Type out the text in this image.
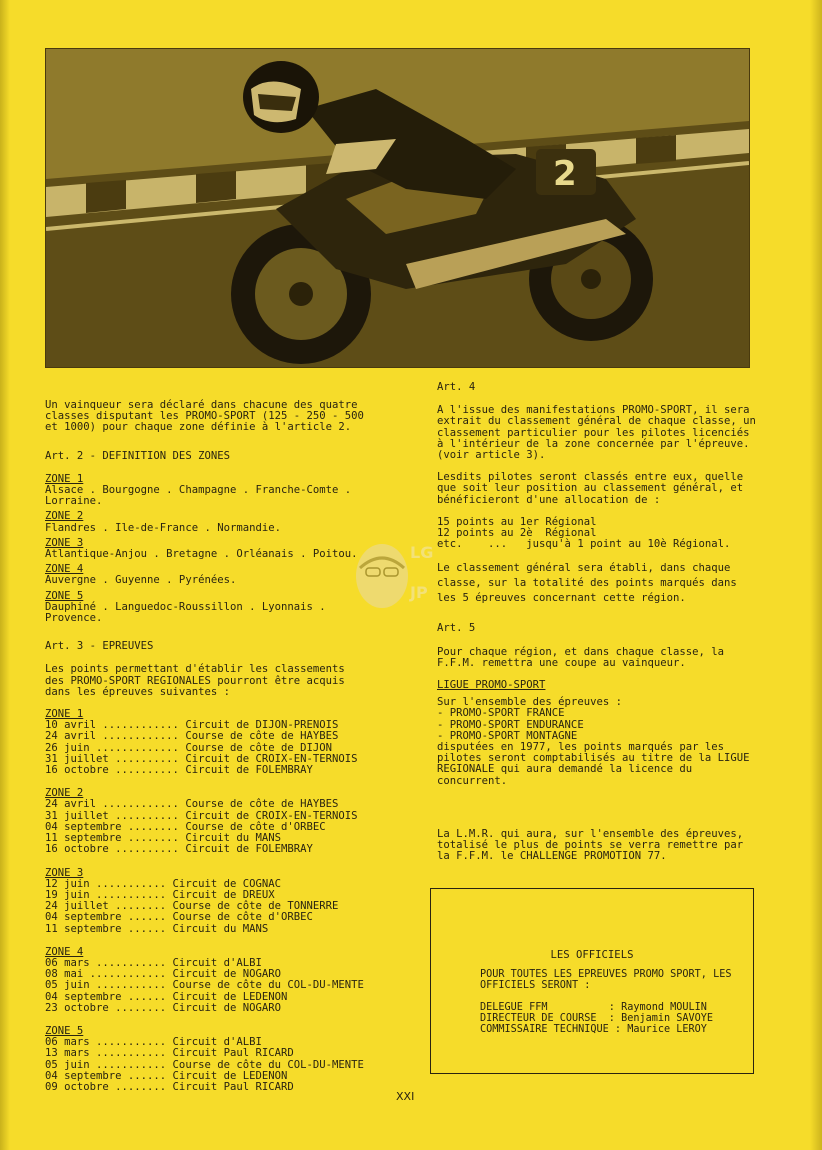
2

Un vainqueur sera déclaré dans chacune des quatre classes disputant les PROMO-SPORT (125 - 250 - 500 et 1000) pour chaque zone définie à l'article 2.

Art. 2 - DEFINITION DES ZONES

ZONE 1
Alsace . Bourgogne . Champagne . Franche-Comte . Lorraine.
ZONE 2
Flandres . Ile-de-France . Normandie.
ZONE 3
Atlantique-Anjou . Bretagne . Orléanais . Poitou.
ZONE 4
Auvergne . Guyenne . Pyrénées.
ZONE 5
Dauphiné . Languedoc-Roussillon . Lyonnais . Provence.

Art. 3 - EPREUVES

Les points permettant d'établir les classements des PROMO-SPORT REGIONALES pourront être acquis dans les épreuves suivantes :

ZONE 1
10 avril ............ Circuit de DIJON-PRENOIS
24 avril ............ Course de côte de HAYBES
26 juin ............. Course de côte de DIJON
31 juillet .......... Circuit de CROIX-EN-TERNOIS
16 octobre .......... Circuit de FOLEMBRAY
ZONE 2
24 avril ............ Course de côte de HAYBES
31 juillet .......... Circuit de CROIX-EN-TERNOIS
04 septembre ........ Course de côte d'ORBEC
11 septembre ........ Circuit du MANS
16 octobre .......... Circuit de FOLEMBRAY
ZONE 3
12 juin ........... Circuit de COGNAC
19 juin ........... Circuit de DREUX
24 juillet ........ Course de côte de TONNERRE
04 septembre ...... Course de côte d'ORBEC
11 septembre ...... Circuit du MANS
ZONE 4
06 mars ........... Circuit d'ALBI
08 mai ............ Circuit de NOGARO
05 juin ........... Course de côte du COL-DU-MENTE
04 septembre ...... Circuit de LEDENON
23 octobre ........ Circuit de NOGARO
ZONE 5
06 mars ........... Circuit d'ALBI
13 mars ........... Circuit Paul RICARD
05 juin ........... Course de côte du COL-DU-MENTE
04 septembre ...... Circuit de LEDENON
09 octobre ........ Circuit Paul RICARD

Art. 4

A l'issue des manifestations PROMO-SPORT, il sera extrait du classement général de chaque classe, un classement particulier pour les pilotes licenciés à l'intérieur de la zone concernée par l'épreuve. (voir article 3).

Lesdits pilotes seront classés entre eux, quelle que soit leur position au classement général, et bénéficieront d'une allocation de :

15 points au 1er Régional
12 points au 2è  Régional
etc.    ...   jusqu'à 1 point au 10è Régional.

Le classement général sera établi, dans chaque classe, sur la totalité des points marqués dans les 5 épreuves concernant cette région.

Art. 5

Pour chaque région, et dans chaque classe, la F.F.M. remettra une coupe au vainqueur.

LIGUE PROMO-SPORT

Sur l'ensemble des épreuves :

- PROMO-SPORT FRANCE
- PROMO-SPORT ENDURANCE
- PROMO-SPORT MONTAGNE

disputées en 1977, les points marqués par les pilotes seront comptabilisés au titre de la LIGUE REGIONALE qui aura demandé la licence du concurrent.

La L.M.R. qui aura, sur l'ensemble des épreuves, totalisé le plus de points se verra remettre par la F.F.M. le CHALLENGE PROMOTION 77.

LG
JP
LES OFFICIELS

POUR TOUTES LES EPREUVES PROMO SPORT, LES OFFICIELS SERONT :

DELEGUE FFM          : Raymond MOULIN
DIRECTEUR DE COURSE  : Benjamin SAVOYE
COMMISSAIRE TECHNIQUE : Maurice LEROY
XXI
